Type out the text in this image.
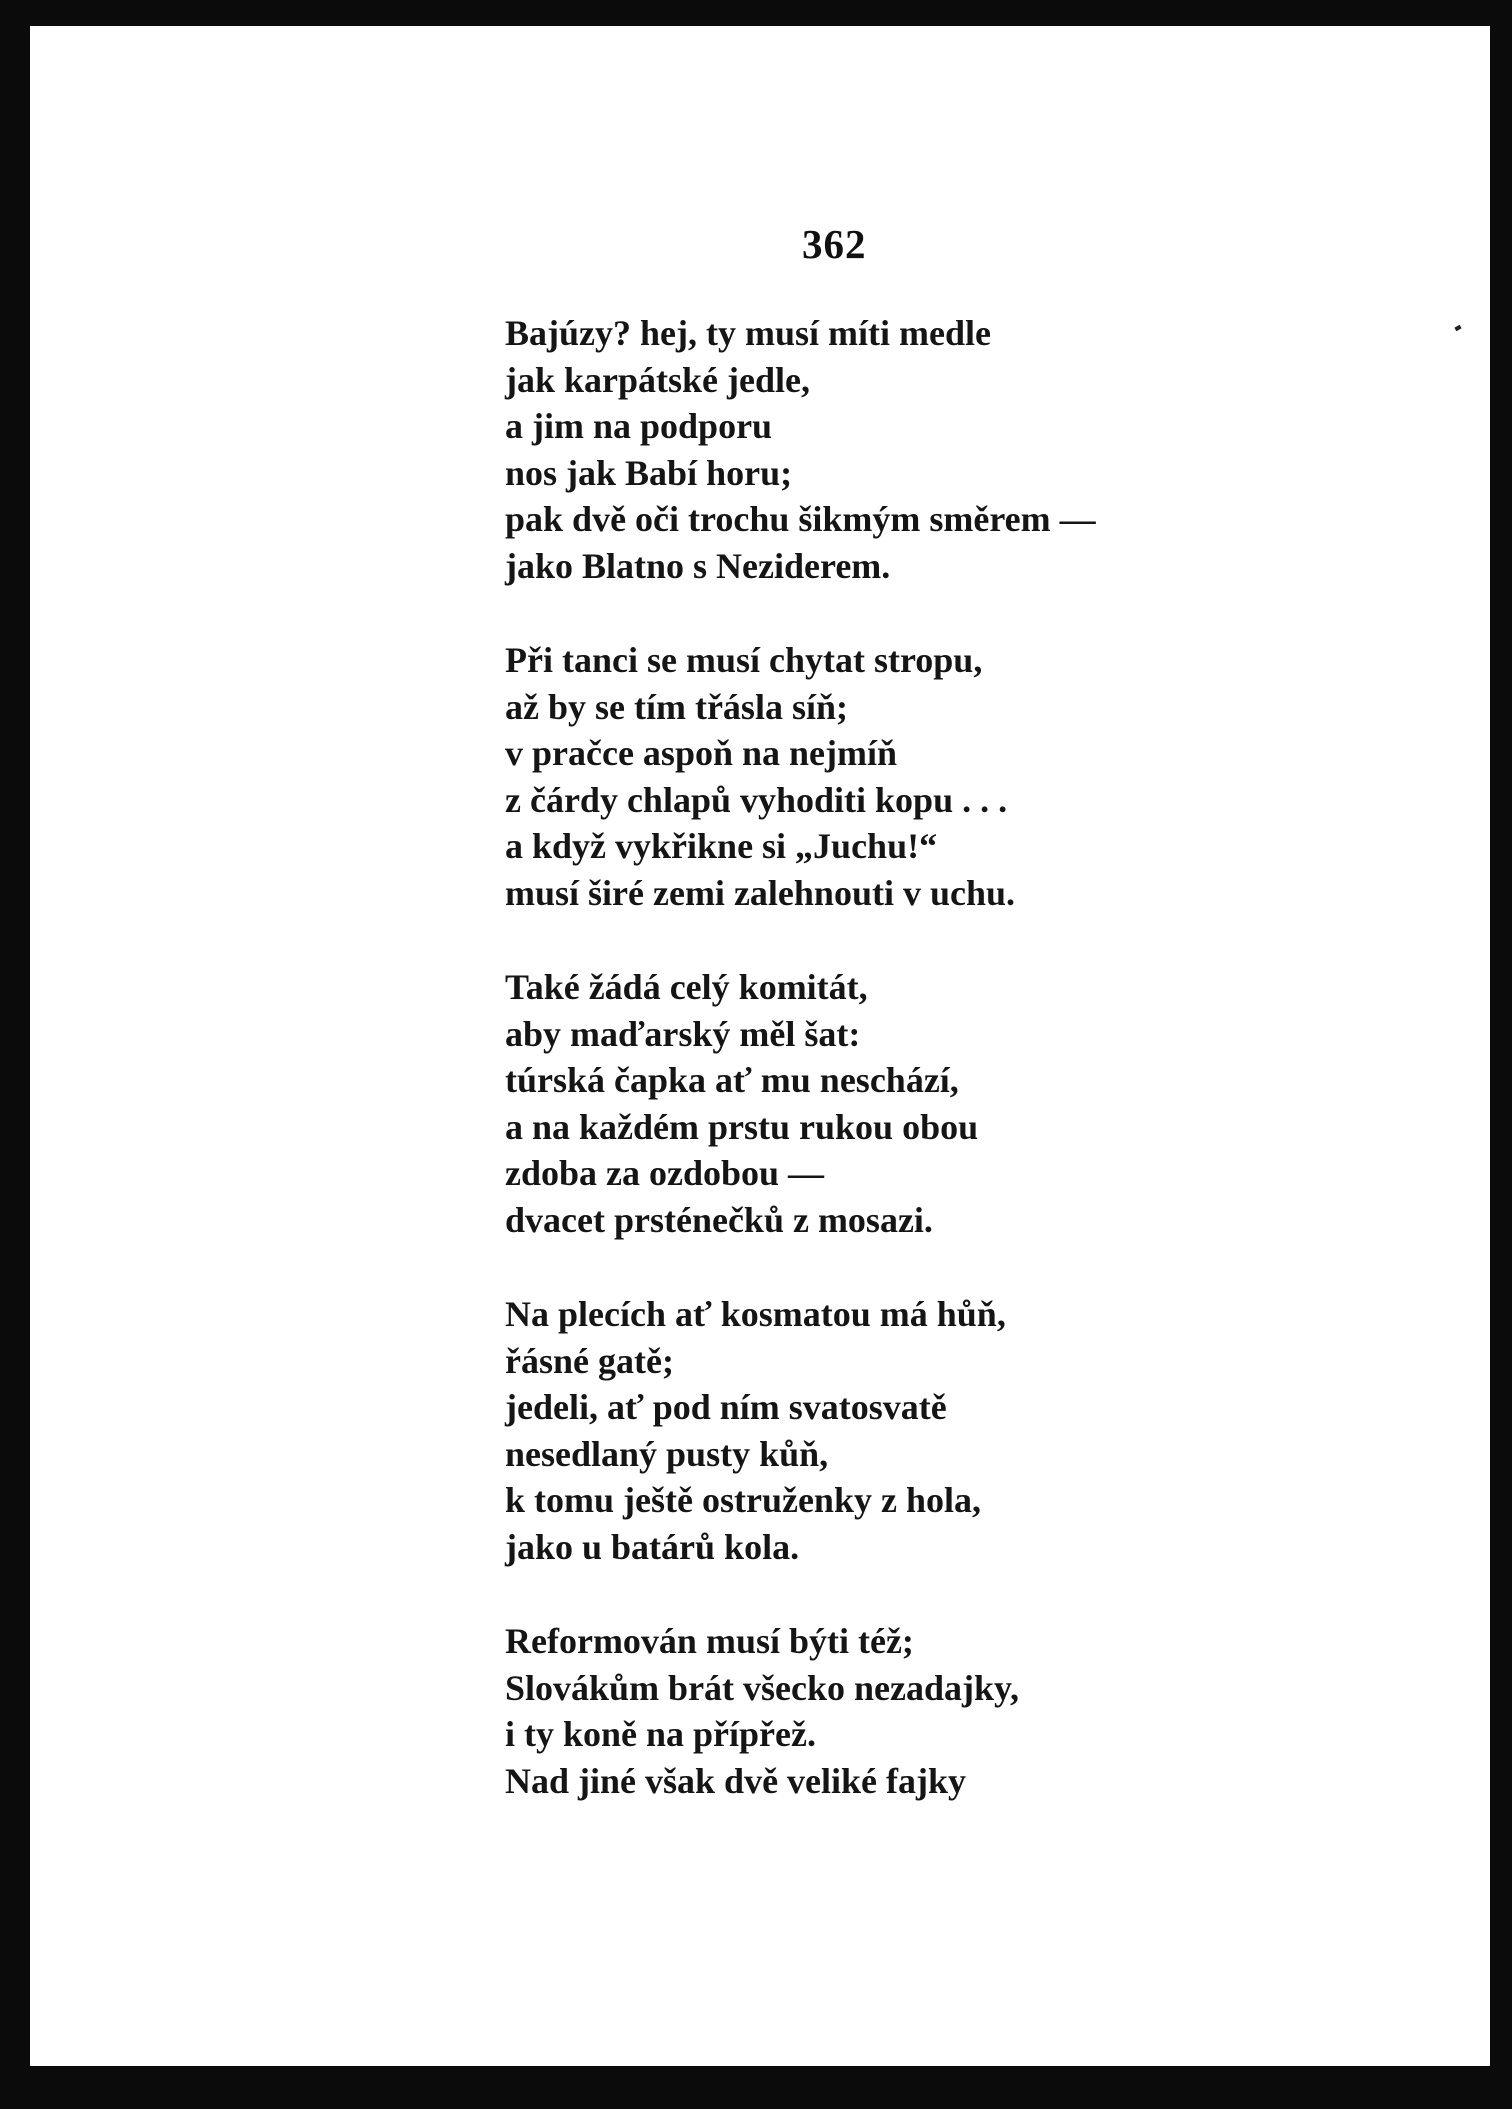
362

Bajúzy? hej, ty musí míti medle
jak karpátské jedle,
a jim na podporu
nos jak Babí horu;
pak dvě oči trochu šikmým směrem —
jako Blatno s Neziderem.
Při tanci se musí chytat stropu,
až by se tím třásla síň;
v pračce aspoň na nejmíň
z čárdy chlapů vyhoditi kopu . . .
a když vykřikne si „Juchu!“
musí širé zemi zalehnouti v uchu.
Také žádá celý komitát,
aby maďarský měl šat:
túrská čapka ať mu neschází,
a na každém prstu rukou obou
zdoba za ozdobou —
dvacet prsténečků z mosazi.
Na plecích ať kosmatou má hůň,
řásné gatě;
jedeli, ať pod ním svatosvatě
nesedlaný pusty kůň,
k tomu ještě ostruženky z hola,
jako u batárů kola.
Reformován musí býti též;
Slovákům brát všecko nezadajky,
i ty koně na přípřež.
Nad jiné však dvě veliké fajky
